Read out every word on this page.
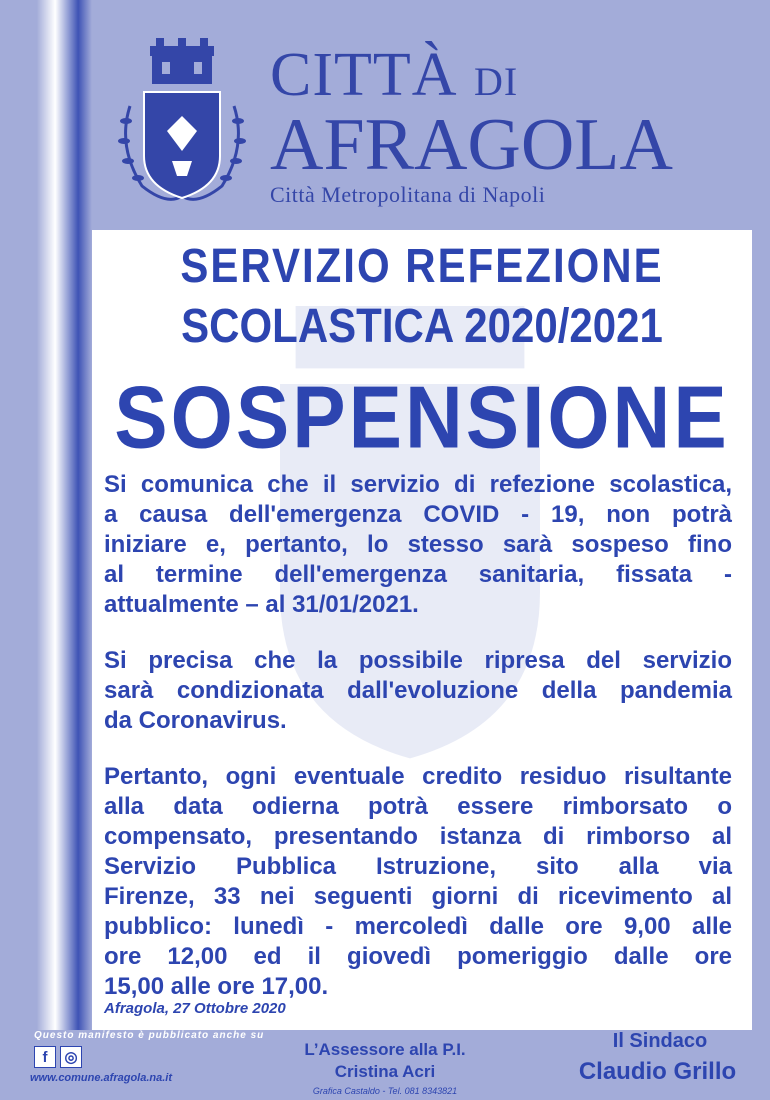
CITTÀ DI
AFRAGOLA
Città Metropolitana di Napoli
SERVIZIO REFEZIONE
SCOLASTICA 2020/2021
SOSPENSIONE
Si comunica che il servizio di refezione scolastica,
a causa dell'emergenza COVID - 19, non potrà
iniziare e, pertanto, lo stesso sarà sospeso fino
al termine dell'emergenza sanitaria, fissata -
attualmente – al 31/01/2021.
Si precisa che la possibile ripresa del servizio
sarà condizionata dall'evoluzione della pandemia
da Coronavirus.
Pertanto, ogni eventuale credito residuo risultante
alla data odierna potrà essere rimborsato o
compensato, presentando istanza di rimborso al
Servizio Pubblica Istruzione, sito alla via
Firenze, 33 nei seguenti giorni di ricevimento al
pubblico: lunedì - mercoledì dalle ore 9,00 alle
ore 12,00 ed il giovedì pomeriggio dalle ore
15,00 alle ore 17,00.
Afragola, 27 Ottobre 2020
Questo manifesto è pubblicato anche su
f	◎
www.comune.afragola.na.it
L’Assessore alla P.I.
Cristina Acri
Grafica Castaldo - Tel. 081 8343821
Il Sindaco
Claudio Grillo
